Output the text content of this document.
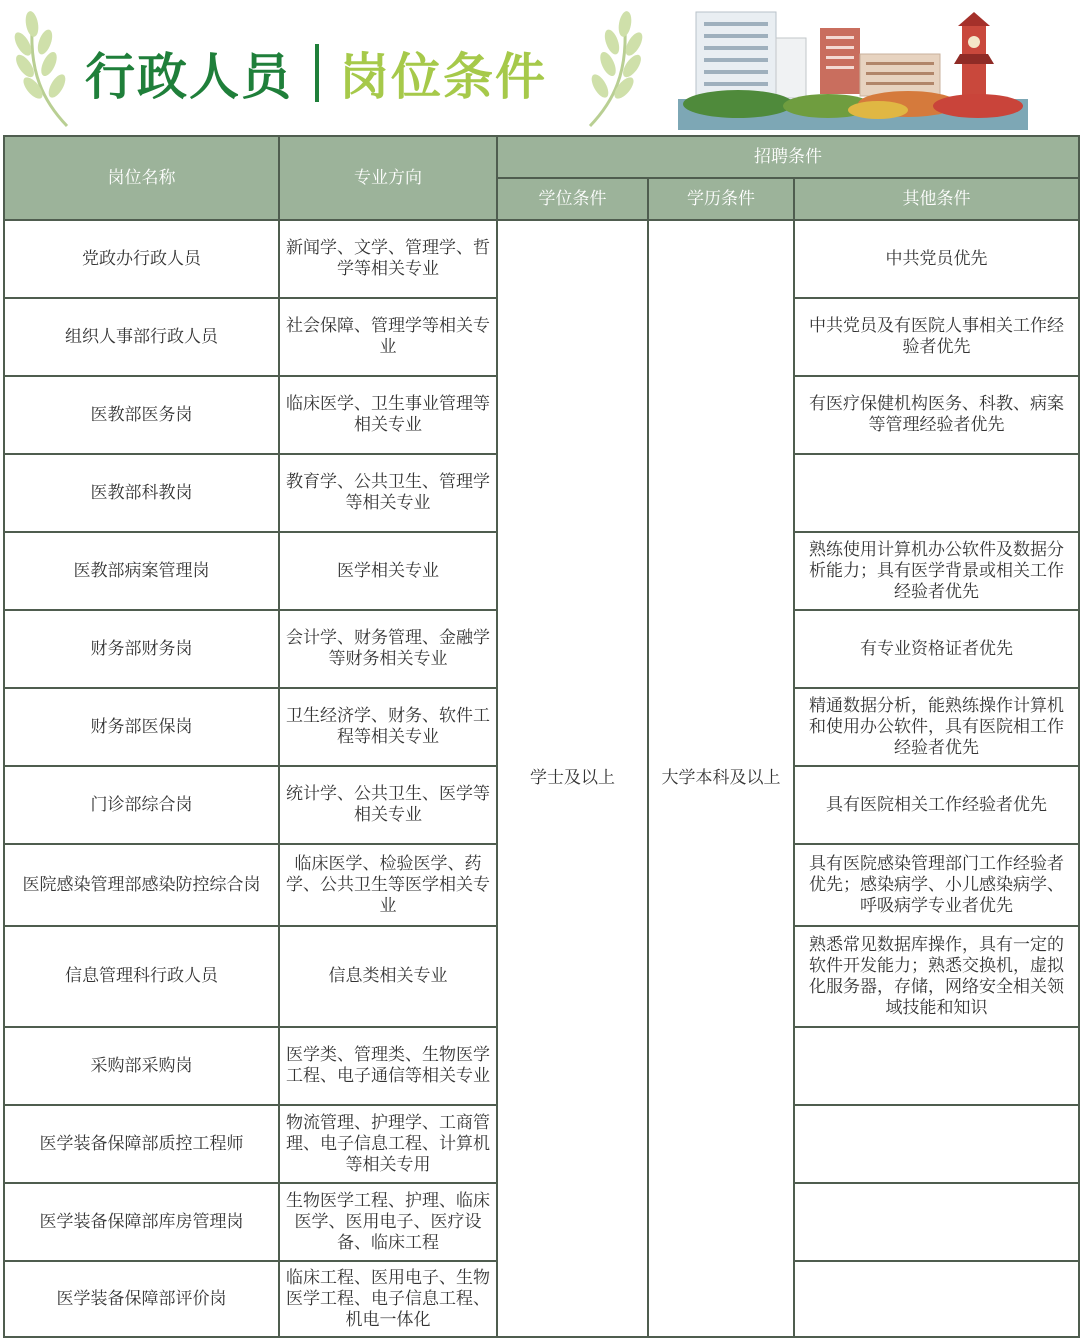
行政人员 岗位条件
岗位名称	专业方向	招聘条件		
		学位条件	学历条件	其他条件
党政办行政人员	新闻学、文学、管理学、哲学等相关专业	学士及以上	大学本科及以上	中共党员优先
组织人事部行政人员	社会保障、管理学等相关专业			中共党员及有医院人事相关工作经验者优先
医教部医务岗	临床医学、卫生事业管理等相关专业			有医疗保健机构医务、科教、病案等管理经验者优先
医教部科教岗	教育学、公共卫生、管理学等相关专业			
医教部病案管理岗	医学相关专业			熟练使用计算机办公软件及数据分析能力；具有医学背景或相关工作经验者优先
财务部财务岗	会计学、财务管理、金融学等财务相关专业			有专业资格证者优先
财务部医保岗	卫生经济学、财务、软件工程等相关专业			精通数据分析，能熟练操作计算机和使用办公软件，具有医院相工作经验者优先
门诊部综合岗	统计学、公共卫生、医学等相关专业			具有医院相关工作经验者优先
医院感染管理部感染防控综合岗	临床医学、检验医学、药学、公共卫生等医学相关专业			具有医院感染管理部门工作经验者优先；感染病学、小儿感染病学、呼吸病学专业者优先
信息管理科行政人员	信息类相关专业			熟悉常见数据库操作，具有一定的软件开发能力；熟悉交换机，虚拟化服务器，存储，网络安全相关领域技能和知识
采购部采购岗	医学类、管理类、生物医学工程、电子通信等相关专业			
医学装备保障部质控工程师	物流管理、护理学、工商管理、电子信息工程、计算机等相关专用			
医学装备保障部库房管理岗	生物医学工程、护理、临床医学、医用电子、医疗设备、临床工程			
医学装备保障部评价岗	临床工程、医用电子、生物医学工程、电子信息工程、机电一体化			
